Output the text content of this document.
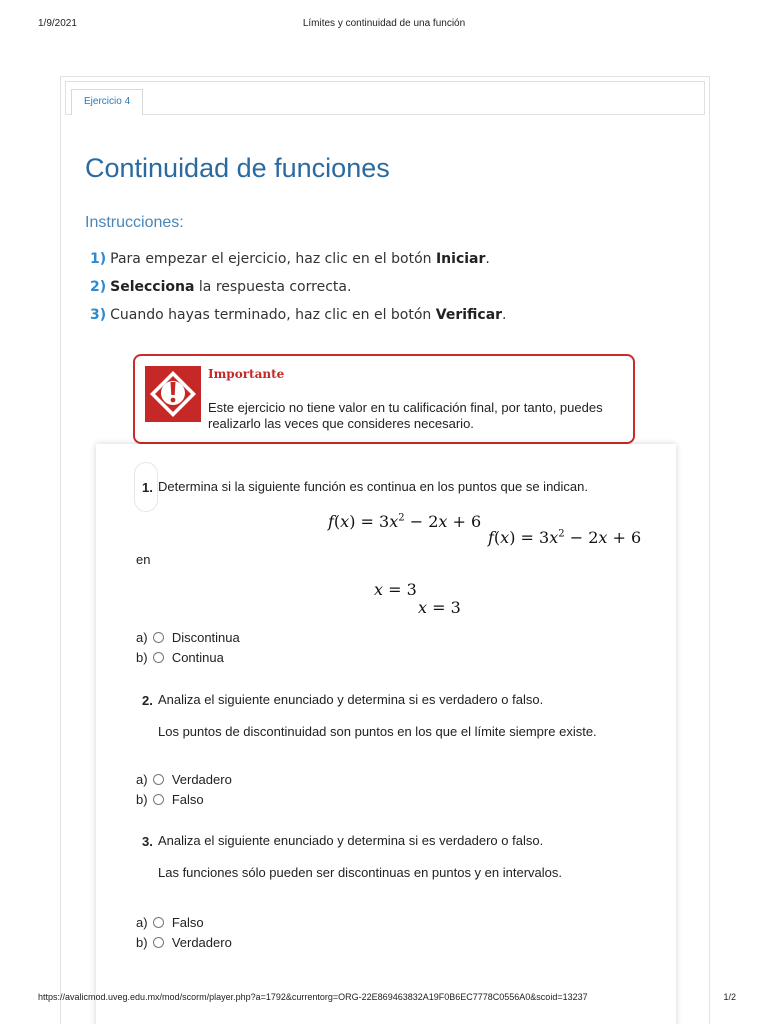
1/9/2021	Límites y continuidad de una función
Ejercicio 4
Continuidad de funciones
Instrucciones:
1) Para empezar el ejercicio, haz clic en el botón Iniciar.
2) Selecciona la respuesta correcta.
3) Cuando hayas terminado, haz clic en el botón Verificar.
Importante
Este ejercicio no tiene valor en tu calificación final, por tanto, puedes realizarlo las veces que consideres necesario.
1. Determina si la siguiente función es continua en los puntos que se indican.
$f(x) = 3x^2 - 2x + 6$
$f(x) = 3x^2 - 2x + 6$
en
x = 3
x = 3
a) Discontinua
b) Continua
2. Analiza el siguiente enunciado y determina si es verdadero o falso.
Los puntos de discontinuidad son puntos en los que el límite siempre existe.
a) Verdadero
b) Falso
3. Analiza el siguiente enunciado y determina si es verdadero o falso.
Las funciones sólo pueden ser discontinuas en puntos y en intervalos.
a) Falso
b) Verdadero
https://avalicmod.uveg.edu.mx/mod/scorm/player.php?a=1792&currentorg=ORG-22E869463832A19F0B6EC7778C0556A0&scoid=13237	1/2
